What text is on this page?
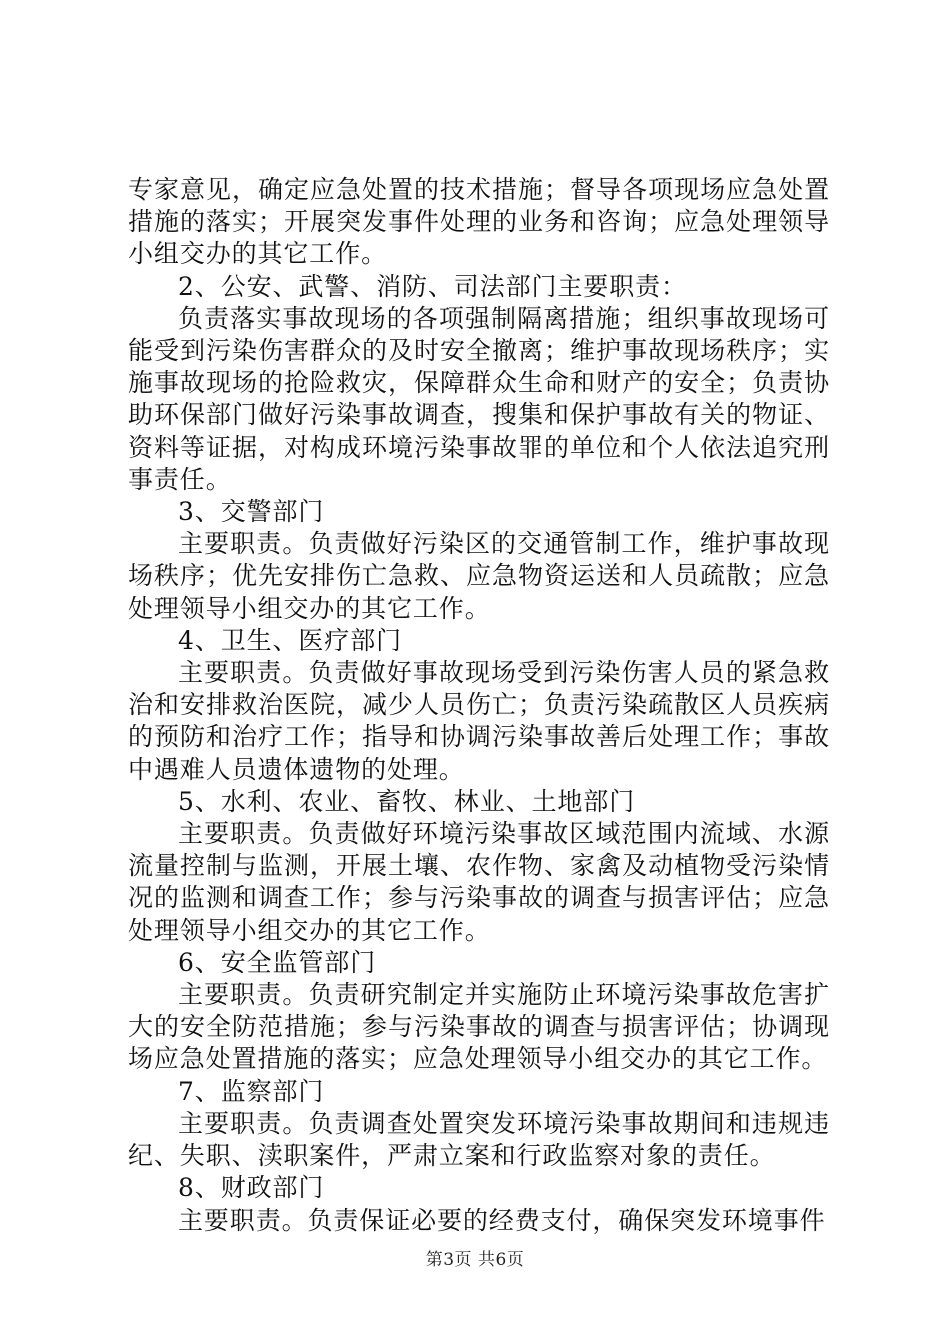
专家意见，确定应急处置的技术措施；督导各项现场应急处置措施的落实；开展突发事件处理的业务和咨询；应急处理领导小组交办的其它工作。

2、公安、武警、消防、司法部门主要职责：

负责落实事故现场的各项强制隔离措施；组织事故现场可能受到污染伤害群众的及时安全撤离；维护事故现场秩序；实施事故现场的抢险救灾，保障群众生命和财产的安全；负责协助环保部门做好污染事故调查，搜集和保护事故有关的物证、资料等证据，对构成环境污染事故罪的单位和个人依法追究刑事责任。

3、交警部门

主要职责。负责做好污染区的交通管制工作，维护事故现场秩序；优先安排伤亡急救、应急物资运送和人员疏散；应急处理领导小组交办的其它工作。

4、卫生、医疗部门

主要职责。负责做好事故现场受到污染伤害人员的紧急救治和安排救治医院，减少人员伤亡；负责污染疏散区人员疾病的预防和治疗工作；指导和协调污染事故善后处理工作；事故中遇难人员遗体遗物的处理。

5、水利、农业、畜牧、林业、土地部门

主要职责。负责做好环境污染事故区域范围内流域、水源流量控制与监测，开展土壤、农作物、家禽及动植物受污染情况的监测和调查工作；参与污染事故的调查与损害评估；应急处理领导小组交办的其它工作。

6、安全监管部门

主要职责。负责研究制定并实施防止环境污染事故危害扩大的安全防范措施；参与污染事故的调查与损害评估；协调现场应急处置措施的落实；应急处理领导小组交办的其它工作。

7、监察部门

主要职责。负责调查处置突发环境污染事故期间和违规违纪、失职、渎职案件，严肃立案和行政监察对象的责任。

8、财政部门

主要职责。负责保证必要的经费支付，确保突发环境事件

第3页 共6页
